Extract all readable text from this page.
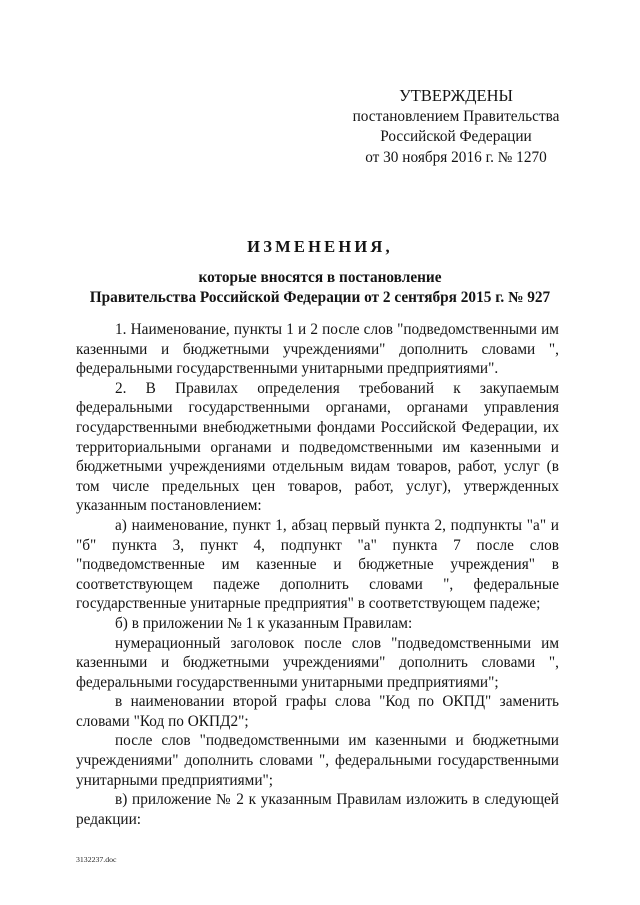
УТВЕРЖДЕНЫ
постановлением Правительства
Российской Федерации
от 30 ноября 2016 г. № 1270
ИЗМЕНЕНИЯ,
которые вносятся в постановление
Правительства Российской Федерации от 2 сентября 2015 г. № 927

1. Наименование, пункты 1 и 2 после слов "подведомственными им казенными и бюджетными учреждениями" дополнить словами ", федеральными государственными унитарными предприятиями".

2. В Правилах определения требований к закупаемым федеральными государственными органами, органами управления государственными внебюджетными фондами Российской Федерации, их территориальными органами и подведомственными им казенными и бюджетными учреждениями отдельным видам товаров, работ, услуг (в том числе предельных цен товаров, работ, услуг), утвержденных указанным постановлением:

а) наименование, пункт 1, абзац первый пункта 2, подпункты "а" и "б" пункта 3, пункт 4, подпункт "а" пункта 7 после слов "подведомственные им казенные и бюджетные учреждения" в соответствующем падеже дополнить словами ", федеральные государственные унитарные предприятия" в соответствующем падеже;

б) в приложении № 1 к указанным Правилам:

нумерационный заголовок после слов "подведомственными им казенными и бюджетными учреждениями" дополнить словами ", федеральными государственными унитарными предприятиями";

в наименовании второй графы слова "Код по ОКПД" заменить словами "Код по ОКПД2";

после слов "подведомственными им казенными и бюджетными учреждениями" дополнить словами ", федеральными государственными унитарными предприятиями";

в) приложение № 2 к указанным Правилам изложить в следующей редакции:

3132237.doc
